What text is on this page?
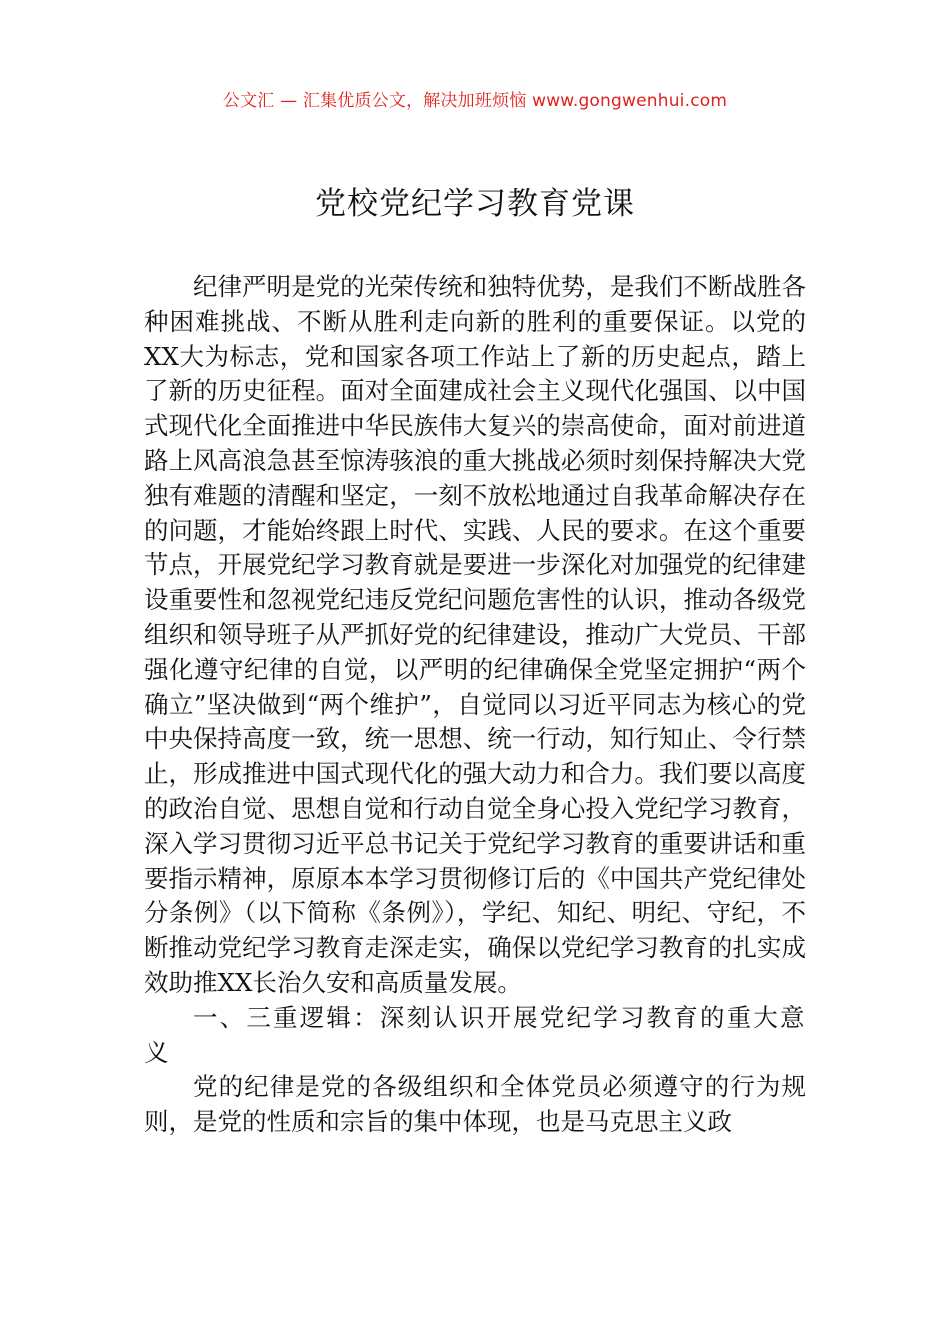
公文汇 — 汇集优质公文，解决加班烦恼 www.gongwenhui.com
党校党纪学习教育党课

纪律严明是党的光荣传统和独特优势，是我们不断战胜各种困难挑战、不断从胜利走向新的胜利的重要保证。以党的XX大为标志，党和国家各项工作站上了新的历史起点，踏上了新的历史征程。面对全面建成社会主义现代化强国、以中国式现代化全面推进中华民族伟大复兴的崇高使命，面对前进道路上风高浪急甚至惊涛骇浪的重大挑战必须时刻保持解决大党独有难题的清醒和坚定，一刻不放松地通过自我革命解决存在的问题，才能始终跟上时代、实践、人民的要求。在这个重要节点，开展党纪学习教育就是要进一步深化对加强党的纪律建设重要性和忽视党纪违反党纪问题危害性的认识，推动各级党组织和领导班子从严抓好党的纪律建设，推动广大党员、干部强化遵守纪律的自觉，以严明的纪律确保全党坚定拥护“两个确立”坚决做到“两个维护”，自觉同以习近平同志为核心的党中央保持高度一致，统一思想、统一行动，知行知止、令行禁止，形成推进中国式现代化的强大动力和合力。我们要以高度的政治自觉、思想自觉和行动自觉全身心投入党纪学习教育，深入学习贯彻习近平总书记关于党纪学习教育的重要讲话和重要指示精神，原原本本学习贯彻修订后的《中国共产党纪律处分条例》（以下简称《条例》），学纪、知纪、明纪、守纪，不断推动党纪学习教育走深走实，确保以党纪学习教育的扎实成效助推XX长治久安和高质量发展。

一、三重逻辑：深刻认识开展党纪学习教育的重大意义

党的纪律是党的各级组织和全体党员必须遵守的行为规则，是党的性质和宗旨的集中体现，也是马克思主义政
